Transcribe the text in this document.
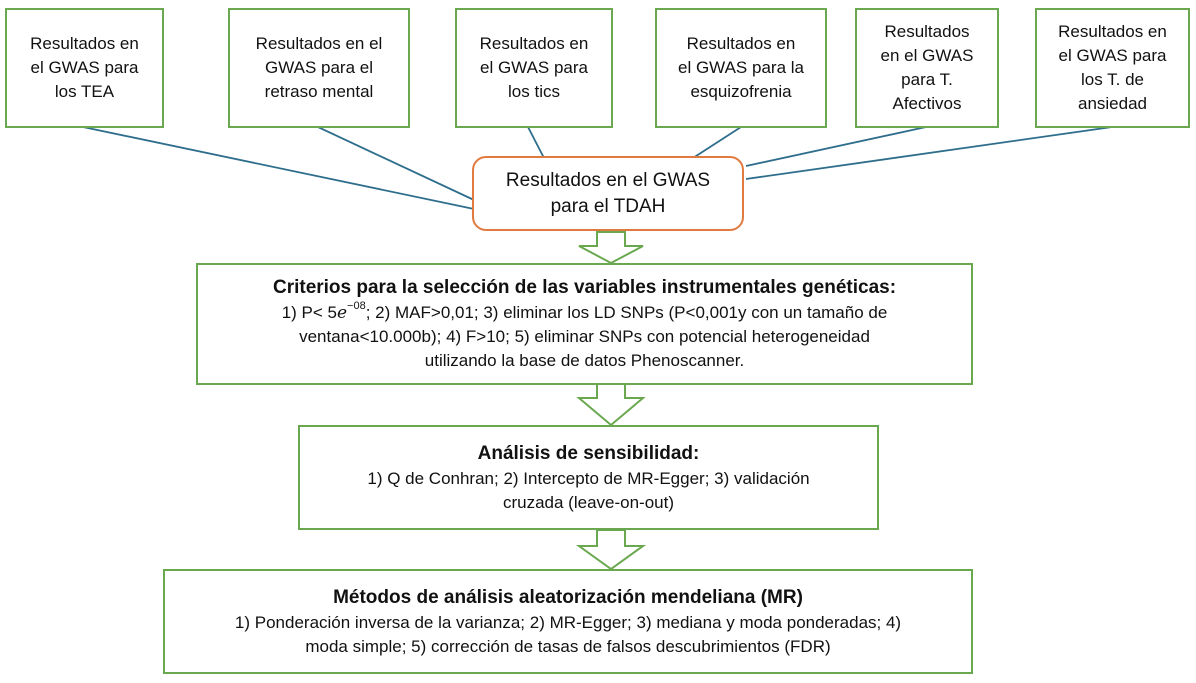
Resultados en
el GWAS para
los TEA
Resultados en el
GWAS para el
retraso mental
Resultados en
el GWAS para
los tics
Resultados en
el GWAS para la
esquizofrenia
Resultados
en el GWAS
para T.
Afectivos
Resultados en
el GWAS para
los T. de
ansiedad
Resultados en el GWAS
para el TDAH
Criterios para la selección de las variables instrumentales genéticas:
1) $P< 5e^{-08}$; 2) MAF>0,01; 3) eliminar los LD SNPs (P<0,001y con un tamaño de
ventana<10.000b); 4) F>10; 5) eliminar SNPs con potencial heterogeneidad
utilizando la base de datos Phenoscanner.
Análisis de sensibilidad:
1) Q de Conhran; 2) Intercepto de MR-Egger; 3) validación
cruzada (leave-on-out)
Métodos de análisis aleatorización mendeliana (MR)
1) Ponderación inversa de la varianza; 2) MR-Egger; 3) mediana y moda ponderadas; 4)
moda simple; 5) corrección de tasas de falsos descubrimientos (FDR)
